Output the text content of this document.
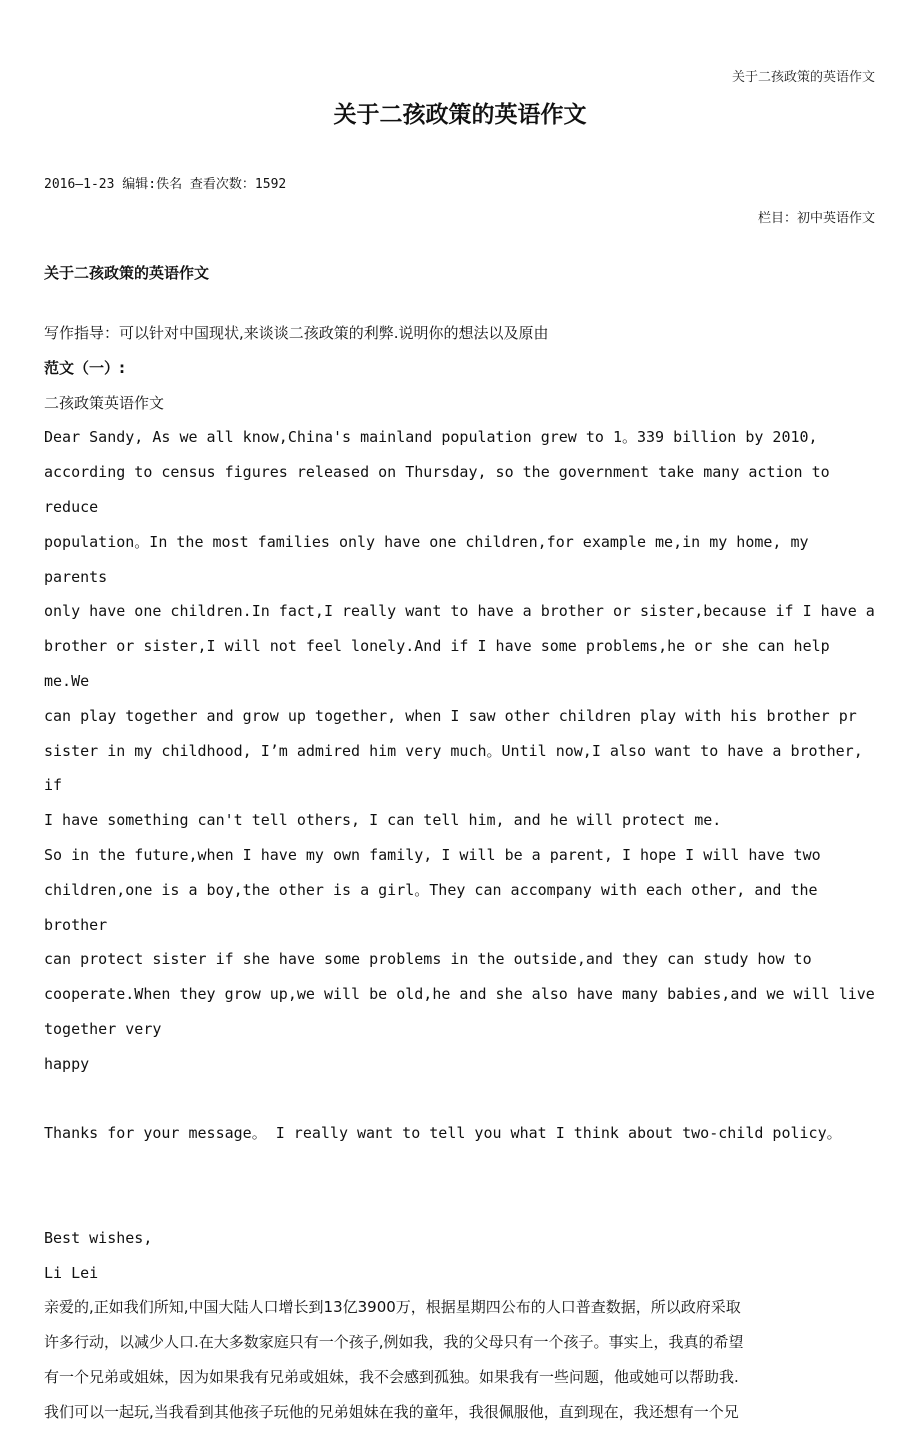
关于二孩政策的英语作文
关于二孩政策的英语作文
2016—1-23 编辑:佚名 查看次数：1592
栏目：初中英语作文
关于二孩政策的英语作文

写作指导：可以针对中国现状,来谈谈二孩政策的利弊.说明你的想法以及原由

范文（一）:

二孩政策英语作文

Dear Sandy, As we all know,China's mainland population grew to 1。339 billion by 2010,

according to census figures released on Thursday, so the government take many action to reduce

population。In the most families only have one children,for example me,in my home, my parents

only have one children.In fact,I really want to have a brother or sister,because if I have a

brother or sister,I will not feel lonely.And if I have some problems,he or she can help me.We

can play together and grow up together, when I saw other children play with his brother pr

sister in my childhood, I’m admired him very much。Until now,I also want to have a brother, if

I have something can't tell others, I can tell him, and he will protect me.

So in the future,when I have my own family, I will be a parent, I hope I will have two

children,one is a boy,the other is a girl。They can accompany with each other, and the brother

can protect sister if she have some problems in the outside,and they can study how to

cooperate.When they grow up,we will be old,he and she also have many babies,and we will live

together very

happy

Thanks for your message。 I really want to tell you what I think about two-child policy。

Best wishes,

Li Lei

亲爱的,正如我们所知,中国大陆人口增长到13亿3900万，根据星期四公布的人口普查数据，所以政府采取

许多行动，以减少人口.在大多数家庭只有一个孩子,例如我，我的父母只有一个孩子。事实上，我真的希望

有一个兄弟或姐妹，因为如果我有兄弟或姐妹，我不会感到孤独。如果我有一些问题，他或她可以帮助我.

我们可以一起玩,当我看到其他孩子玩他的兄弟姐妹在我的童年，我很佩服他，直到现在，我还想有一个兄
